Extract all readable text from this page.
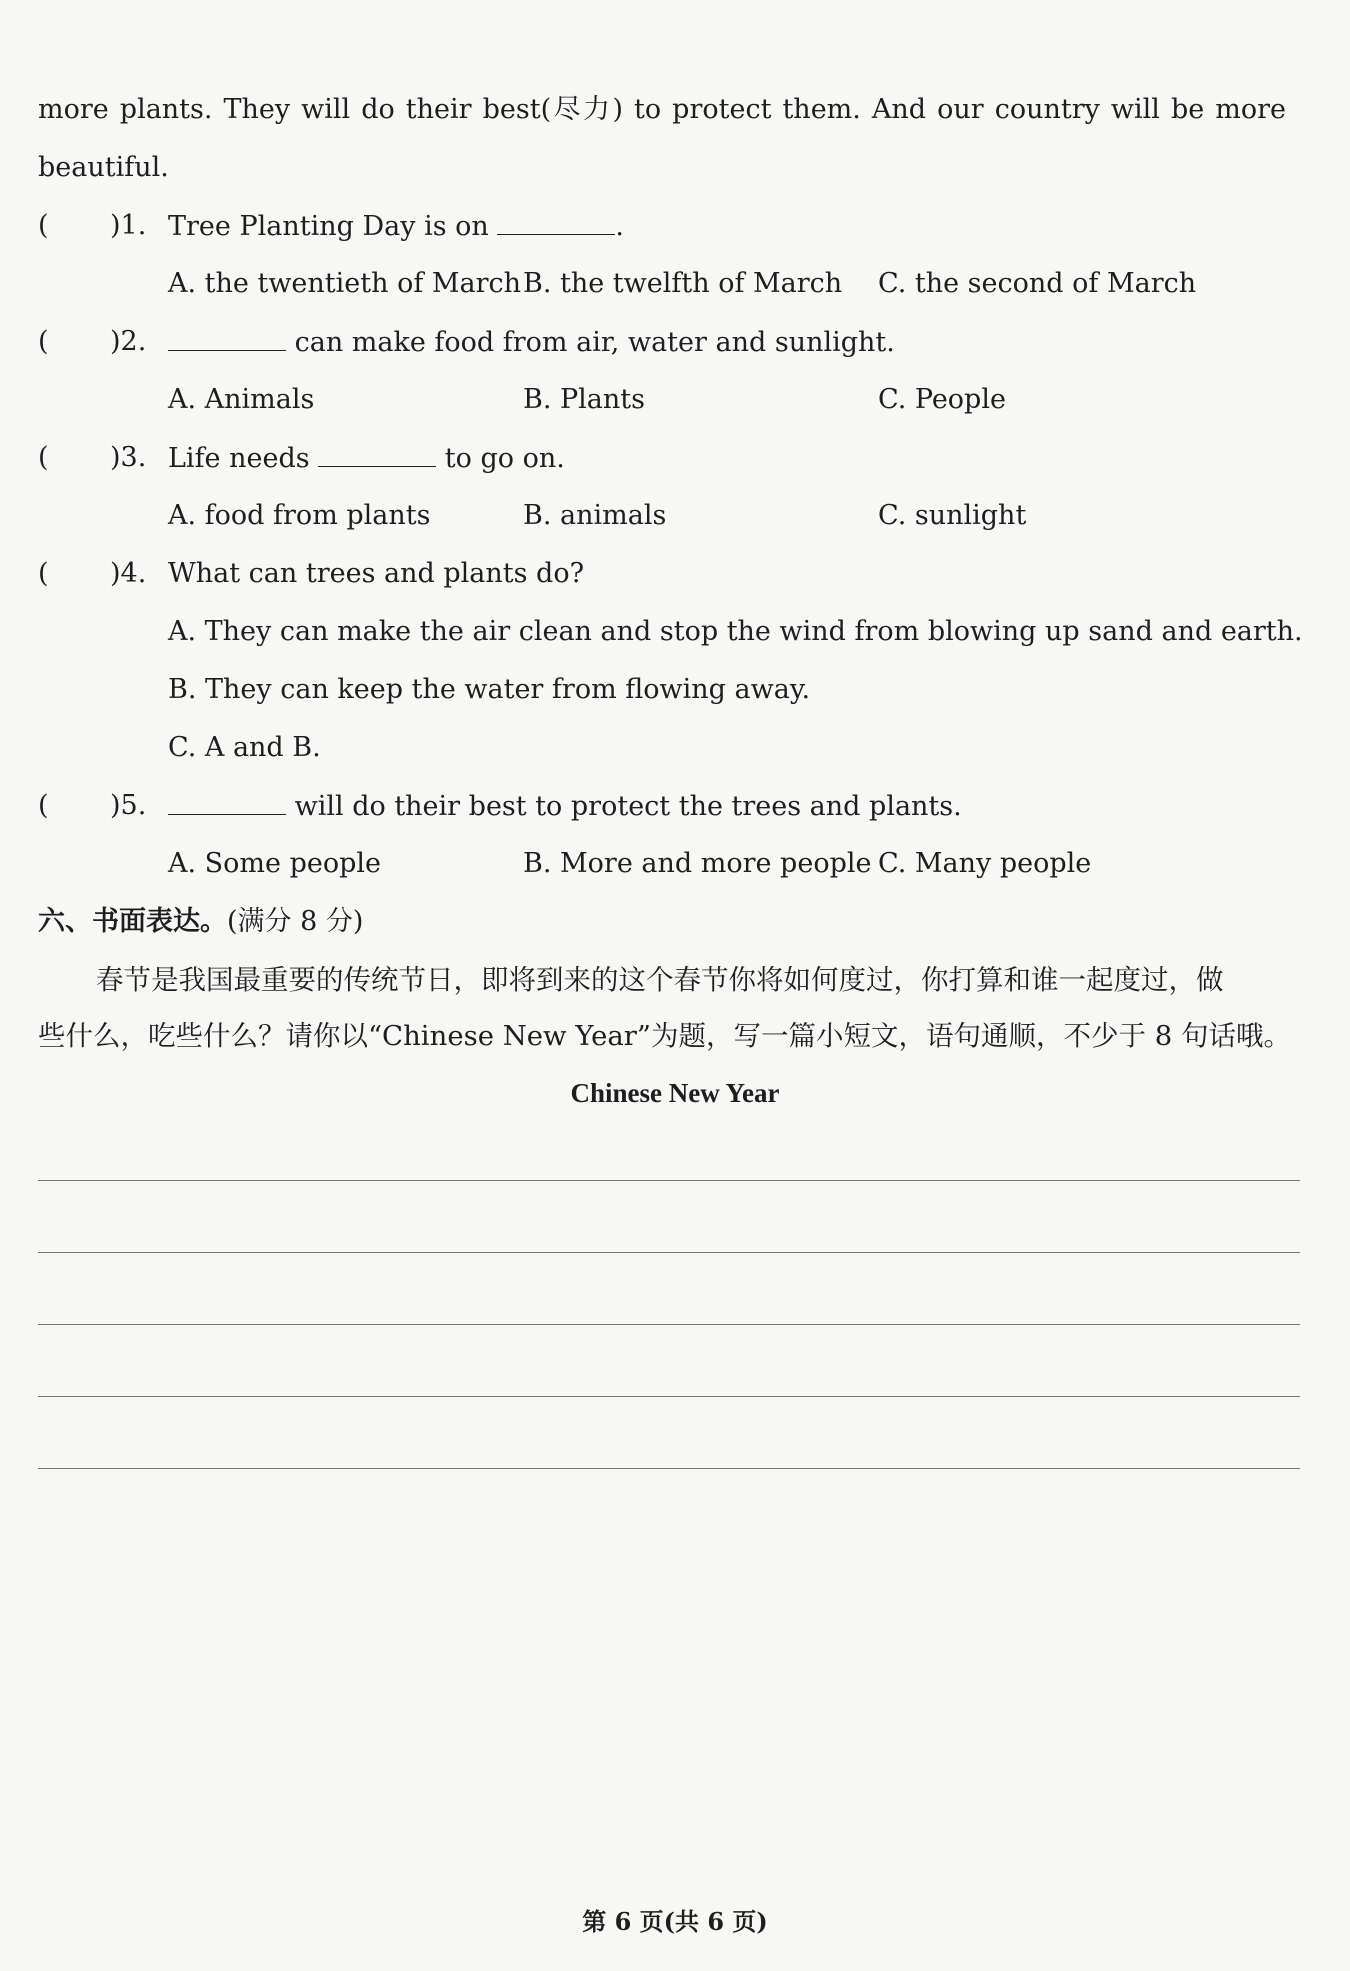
more plants. They will do their best(尽力) to protect them. And our country will be more
beautiful.
( )1. Tree Planting Day is on	.
A. the twentieth of March B. the twelfth of March C. the second of March
( )2.	can make food from air, water and sunlight.
A. Animals	B. Plants	C. People
( )3. Life needs	to go on.
A. food from plants	B. animals	C. sunlight
( )4. What can trees and plants do?
A. They can make the air clean and stop the wind from blowing up sand and earth.
B. They can keep the water from flowing away.
C. A and B.
( )5.	will do their best to protect the trees and plants.
A. Some people	B. More and more people C. Many people
六、书面表达。(满分 8 分)
春节是我国最重要的传统节日，即将到来的这个春节你将如何度过，你打算和谁一起度过，做
些什么，吃些什么？请你以“Chinese New Year”为题，写一篇小短文，语句通顺，不少于 8 句话哦。
Chinese New Year
第 6 页(共 6 页)
